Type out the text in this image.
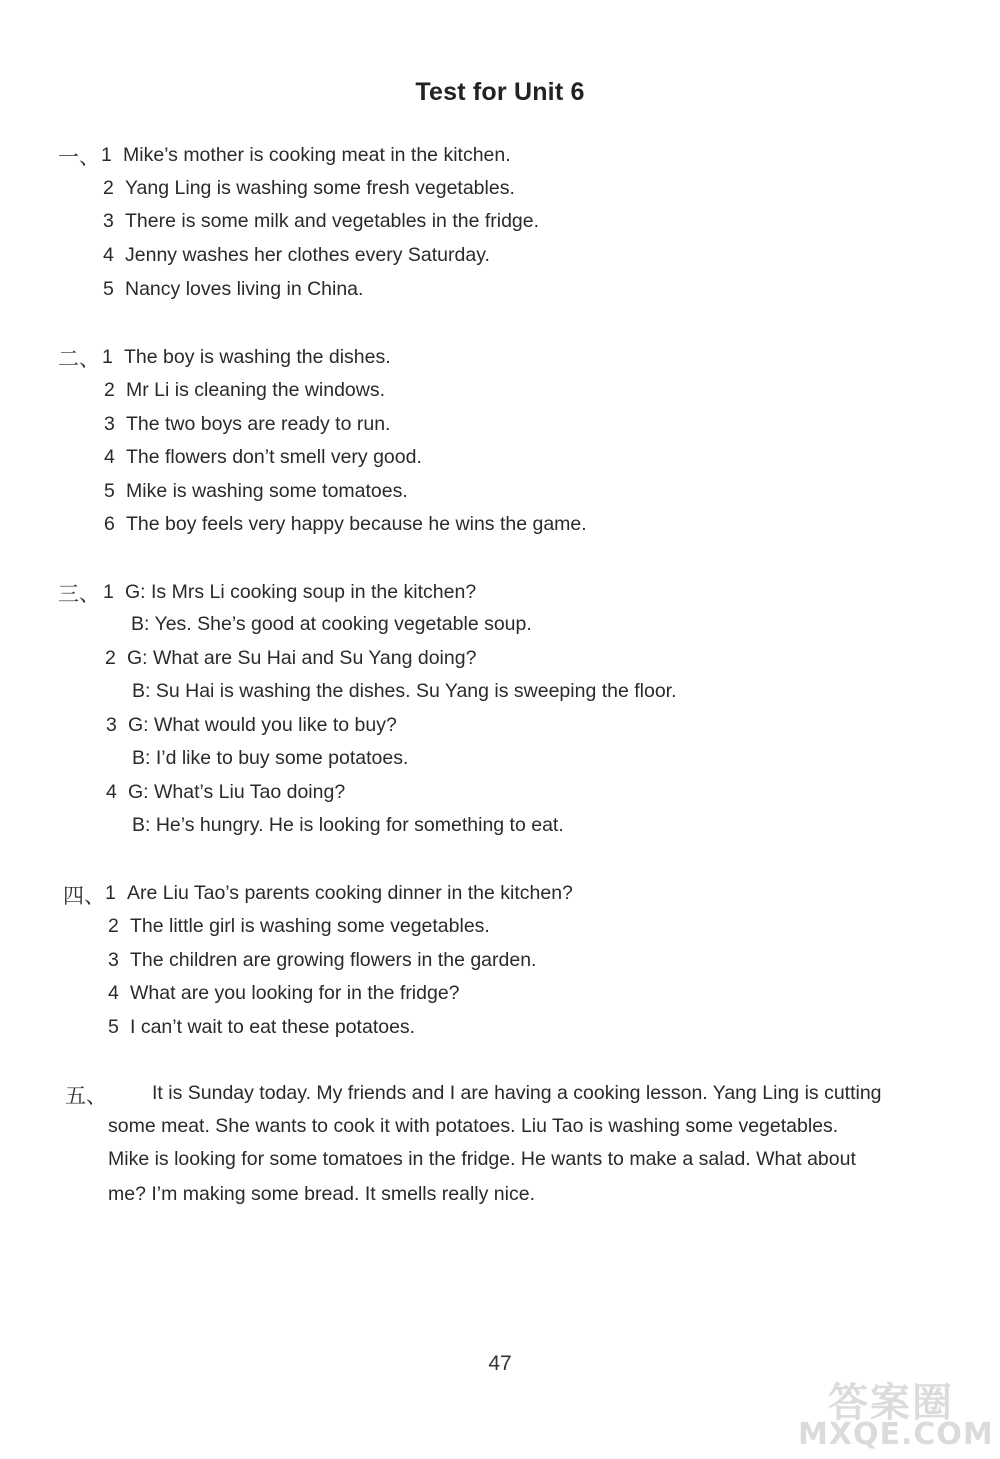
Test for Unit 6
一、 1 Mike’s mother is cooking meat in the kitchen.
2 Yang Ling is washing some fresh vegetables.
3 There is some milk and vegetables in the fridge.
4 Jenny washes her clothes every Saturday.
5 Nancy loves living in China.
二、 1 The boy is washing the dishes.
2 Mr Li is cleaning the windows.
3 The two boys are ready to run.
4 The flowers don’t smell very good.
5 Mike is washing some tomatoes.
6 The boy feels very happy because he wins the game.
三、 1 G: Is Mrs Li cooking soup in the kitchen?
B: Yes. She’s good at cooking vegetable soup.
2 G: What are Su Hai and Su Yang doing?
B: Su Hai is washing the dishes. Su Yang is sweeping the floor.
3 G: What would you like to buy?
B: I’d like to buy some potatoes.
4 G: What’s Liu Tao doing?
B: He’s hungry. He is looking for something to eat.
四、 1 Are Liu Tao’s parents cooking dinner in the kitchen?
2 The little girl is washing some vegetables.
3 The children are growing flowers in the garden.
4 What are you looking for in the fridge?
5 I can’t wait to eat these potatoes.
五、 It is Sunday today. My friends and I are having a cooking lesson. Yang Ling is cutting
some meat. She wants to cook it with potatoes. Liu Tao is washing some vegetables.
Mike is looking for some tomatoes in the fridge. He wants to make a salad. What about
me? I’m making some bread. It smells really nice.
47
答案圈
MXQE.COM
